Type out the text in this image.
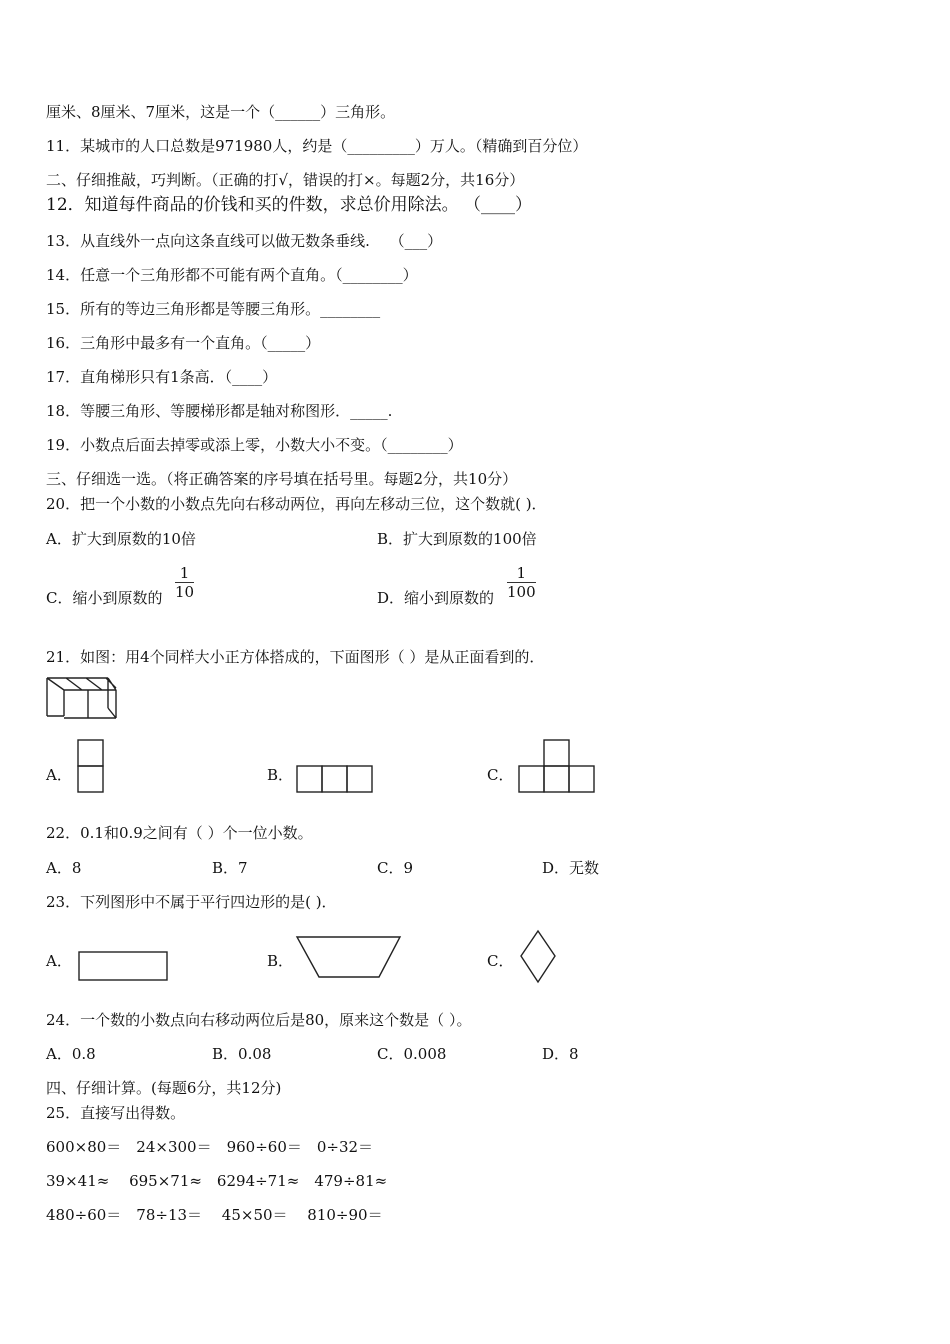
厘米、8厘米、7厘米，这是一个（______）三角形。
11．某城市的人口总数是971980人，约是（_________）万人。（精确到百分位）
二、仔细推敲，巧判断。（正确的打√，错误的打×。每题2分，共16分）
12．知道每件商品的价钱和买的件数，求总价用除法。 （____）
13．从直线外一点向这条直线可以做无数条垂线.　 （___）
14．任意一个三角形都不可能有两个直角。（________）
15．所有的等边三角形都是等腰三角形。________
16．三角形中最多有一个直角。（_____）
17．直角梯形只有1条高．（____）
18．等腰三角形、等腰梯形都是轴对称图形．_____.
19．小数点后面去掉零或添上零，小数大小不变。（________）
三、仔细选一选。（将正确答案的序号填在括号里。每题2分，共10分）
20．把一个小数的小数点先向右移动两位，再向左移动三位，这个数就( )．
A．扩大到原数的10倍	B．扩大到原数的100倍
C．缩小到原数的 $\frac{1}{10}$	D．缩小到原数的 $\frac{1}{100}$
21．如图：用4个同样大小正方体搭成的，下面图形（ ）是从正面看到的．
A．	B．	C．
22．0.1和0.9之间有（ ）个一位小数。
A．8	B．7	C．9	D．无数
23．下列图形中不属于平行四边形的是( )．
A．	B．	C．
24．一个数的小数点向右移动两位后是80，原来这个数是（ ）。
A．0.8	B．0.08	C．0.008	D．8
四、仔细计算。(每题6分，共12分)
25．直接写出得数。
600×80＝　24×300＝　960÷60＝　0÷32＝
39×41≈　 695×71≈　6294÷71≈　479÷81≈
480÷60＝　78÷13＝　 45×50＝　 810÷90＝
